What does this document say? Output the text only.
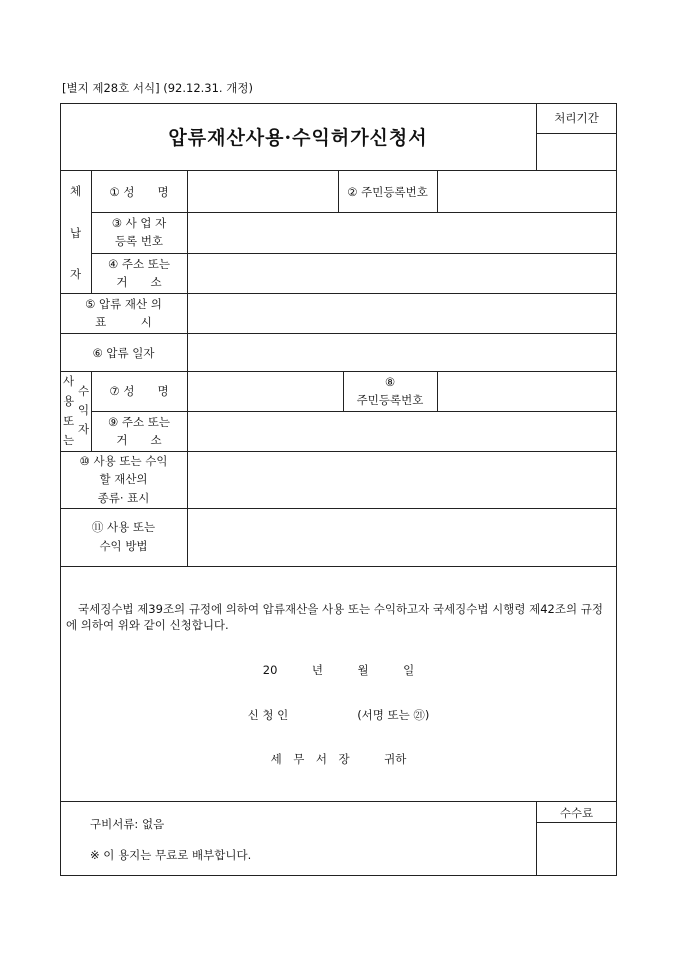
[별지 제28호 서식] (92.12.31. 개정)
압류재산사용·수익허가신청서
처리기간
체
납
자
① 성　　명	② 주민등록번호
③ 사 업 자
등록 번호
④ 주소 또는
거　　소
⑤ 압류 재산 의
표　　　시
⑥ 압류 일자
사
용
또
는
수
익
자
⑦ 성　　명
⑧
주민등록번호
⑨ 주소 또는
거　　소
⑩ 사용 또는 수익
할 재산의
종류· 표시
⑪ 사용 또는
수익 방법
국세징수법 제39조의 규정에 의하여 압류재산을 사용 또는 수익하고자 국세징수법 시행령 제42조의 규정에 의하여 위와 같이 신청합니다.
20　　　년　　　월　　　일
신 청 인　　　　　　(서명 또는 ㉑)
세　무　서　장　　　귀하
구비서류: 없음
※ 이 용지는 무료로 배부합니다.
수수료
